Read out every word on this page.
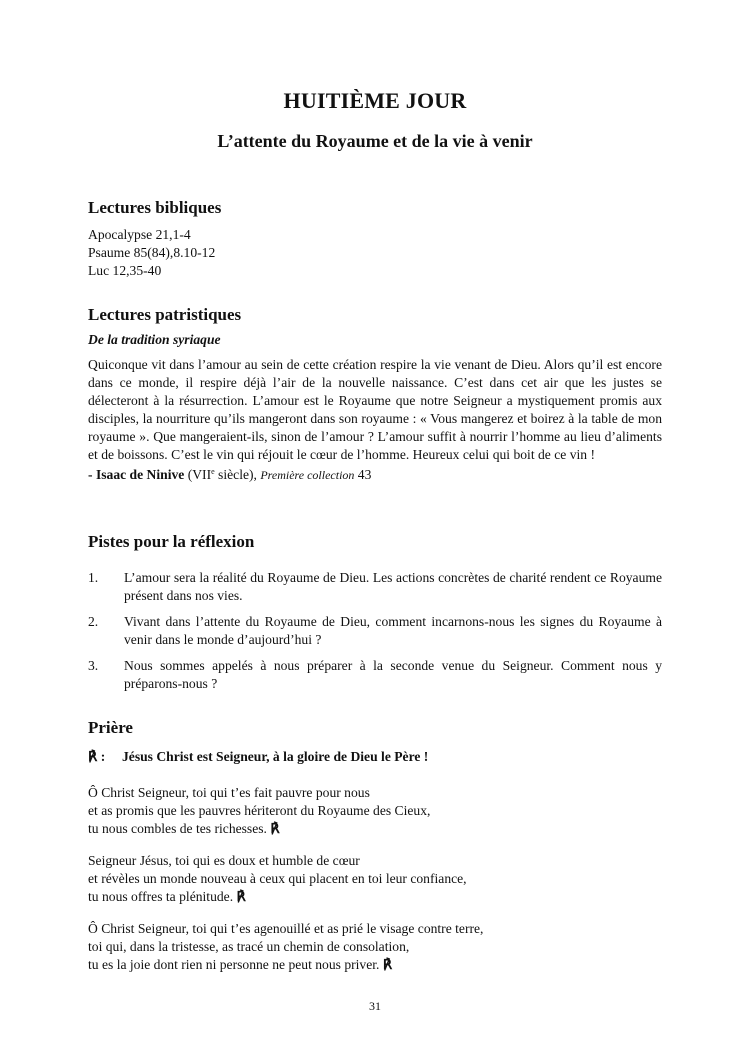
HUITIÈME JOUR
L’attente du Royaume et de la vie à venir
Lectures bibliques
Apocalypse 21,1-4
Psaume 85(84),8.10-12
Luc 12,35-40
Lectures patristiques
De la tradition syriaque

Quiconque vit dans l’amour au sein de cette création respire la vie venant de Dieu. Alors qu’il est encore dans ce monde, il respire déjà l’air de la nouvelle naissance. C’est dans cet air que les justes se délecteront à la résurrection. L’amour est le Royaume que notre Seigneur a mystiquement promis aux disciples, la nourriture qu’ils mangeront dans son royaume : « Vous mangerez et boirez à la table de mon royaume ». Que mangeraient-ils, sinon de l’amour ? L’amour suffit à nourrir l’homme au lieu d’aliments et de boissons. C’est le vin qui réjouit le cœur de l’homme. Heureux celui qui boit de ce vin !

- Isaac de Ninive (VIIe siècle), Première collection 43
Pistes pour la réflexion
1. L’amour sera la réalité du Royaume de Dieu. Les actions concrètes de charité rendent ce Royaume présent dans nos vies.
2. Vivant dans l’attente du Royaume de Dieu, comment incarnons-nous les signes du Royaume à venir dans le monde d’aujourd’hui ?
3. Nous sommes appelés à nous préparer à la seconde venue du Seigneur. Comment nous y préparons-nous ?
Prière
℟ : Jésus Christ est Seigneur, à la gloire de Dieu le Père !
Ô Christ Seigneur, toi qui t’es fait pauvre pour nous
et as promis que les pauvres hériteront du Royaume des Cieux,
tu nous combles de tes richesses. ℟
Seigneur Jésus, toi qui es doux et humble de cœur
et révèles un monde nouveau à ceux qui placent en toi leur confiance,
tu nous offres ta plénitude. ℟
Ô Christ Seigneur, toi qui t’es agenouillé et as prié le visage contre terre,
toi qui, dans la tristesse, as tracé un chemin de consolation,
tu es la joie dont rien ni personne ne peut nous priver. ℟
31
